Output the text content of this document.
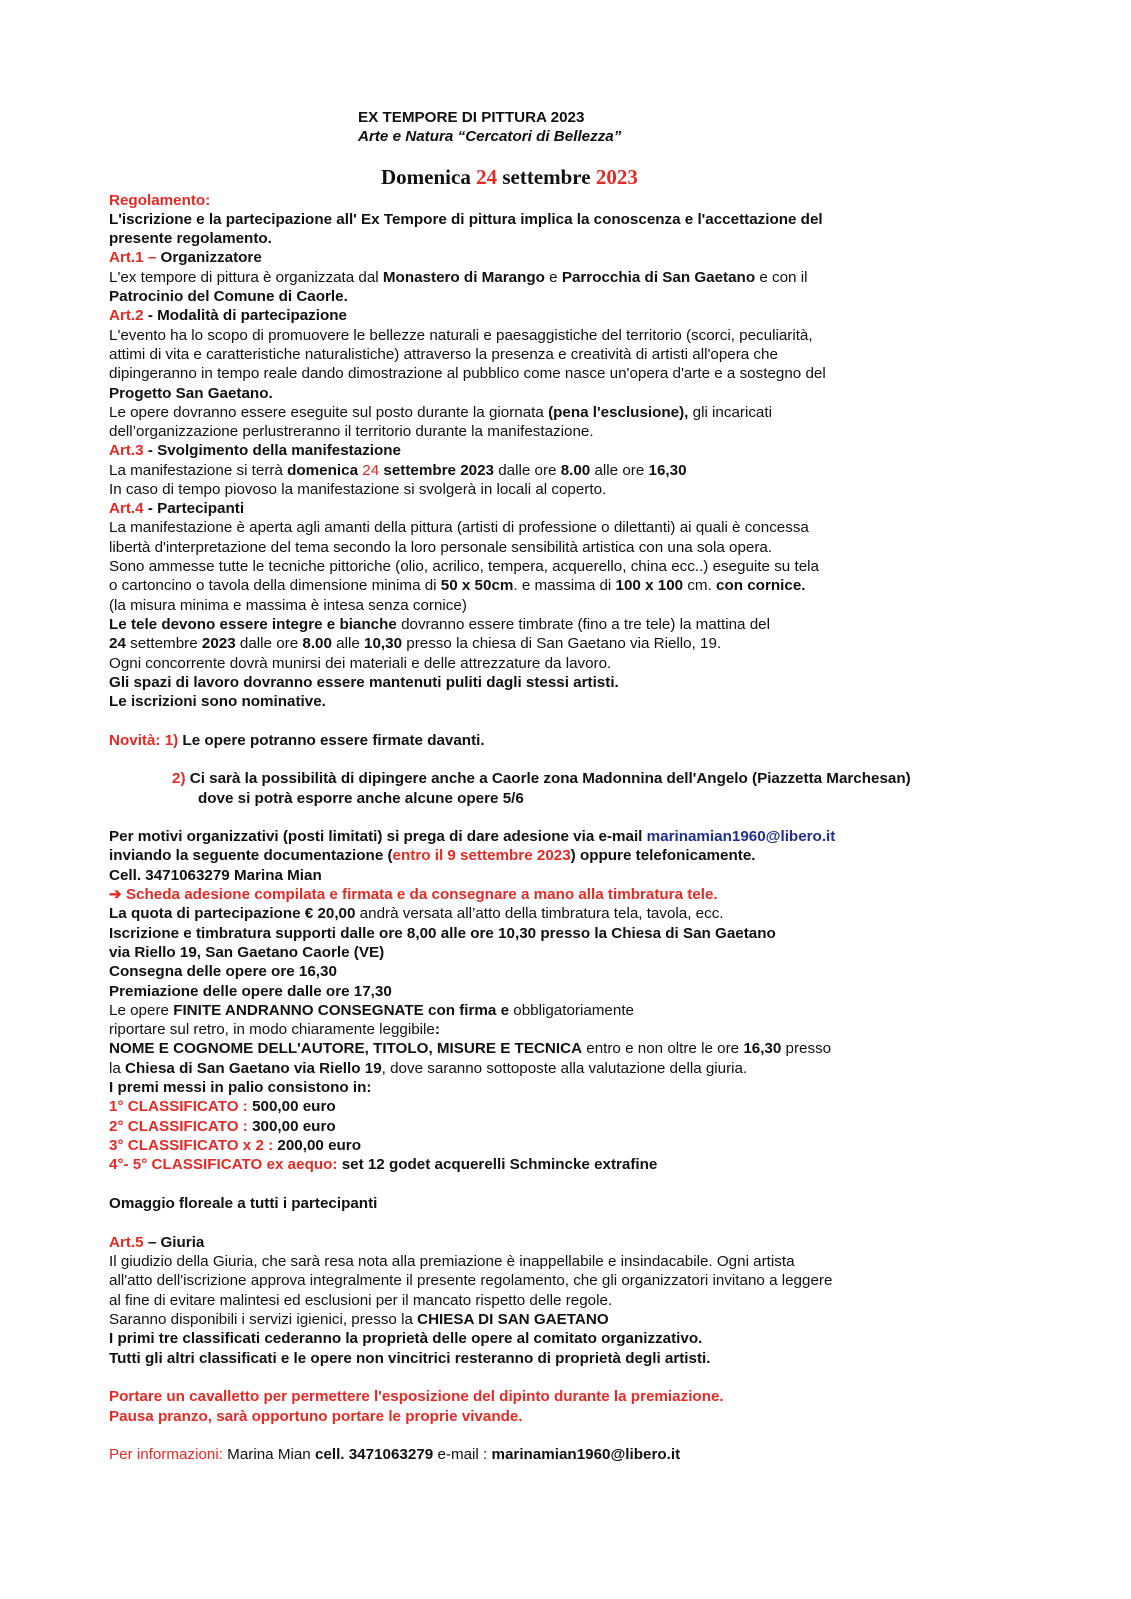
EX TEMPORE DI PITTURA 2023
Arte e Natura “Cercatori di Bellezza”
Domenica 24 settembre 2023
Regolamento:
L'iscrizione e la partecipazione all' Ex Tempore di pittura implica la conoscenza e l'accettazione del
presente regolamento.
Art.1 – Organizzatore
L'ex tempore di pittura è organizzata dal Monastero di Marango e Parrocchia di San Gaetano e con il
Patrocinio del Comune di Caorle.
Art.2 - Modalità di partecipazione
L'evento ha lo scopo di promuovere le bellezze naturali e paesaggistiche del territorio (scorci, peculiarità,
attimi di vita e caratteristiche naturalistiche) attraverso la presenza e creatività di artisti all'opera che
dipingeranno in tempo reale dando dimostrazione al pubblico come nasce un'opera d'arte e a sostegno del
Progetto San Gaetano.
Le opere dovranno essere eseguite sul posto durante la giornata (pena l'esclusione), gli incaricati
dell’organizzazione perlustreranno il territorio durante la manifestazione.
Art.3 - Svolgimento della manifestazione
La manifestazione si terrà domenica 24 settembre 2023 dalle ore 8.00 alle ore 16,30
In caso di tempo piovoso la manifestazione si svolgerà in locali al coperto.
Art.4 - Partecipanti
La manifestazione è aperta agli amanti della pittura (artisti di professione o dilettanti) ai quali è concessa
libertà d'interpretazione del tema secondo la loro personale sensibilità artistica con una sola opera.
Sono ammesse tutte le tecniche pittoriche (olio, acrilico, tempera, acquerello, china ecc..) eseguite su tela
o cartoncino o tavola della dimensione minima di 50 x 50cm. e massima di 100 x 100 cm. con cornice.
(la misura minima e massima è intesa senza cornice)
Le tele devono essere integre e bianche dovranno essere timbrate (fino a tre tele) la mattina del
24 settembre 2023 dalle ore 8.00 alle 10,30 presso la chiesa di San Gaetano via Riello, 19.
Ogni concorrente dovrà munirsi dei materiali e delle attrezzature da lavoro.
Gli spazi di lavoro dovranno essere mantenuti puliti dagli stessi artisti.
Le iscrizioni sono nominative.
Novità: 1) Le opere potranno essere firmate davanti.
2) Ci sarà la possibilità di dipingere anche a Caorle zona Madonnina dell'Angelo (Piazzetta Marchesan)
dove si potrà esporre anche alcune opere 5/6
Per motivi organizzativi (posti limitati) si prega di dare adesione via e-mail marinamian1960@libero.it
inviando la seguente documentazione (entro il 9 settembre 2023) oppure telefonicamente.
Cell. 3471063279 Marina Mian
➔ Scheda adesione compilata e firmata e da consegnare a mano alla timbratura tele.
La quota di partecipazione € 20,00 andrà versata all’atto della timbratura tela, tavola, ecc.
Iscrizione e timbratura supporti dalle ore 8,00 alle ore 10,30 presso la Chiesa di San Gaetano
via Riello 19, San Gaetano Caorle (VE)
Consegna delle opere ore 16,30
Premiazione delle opere dalle ore 17,30
Le opere FINITE ANDRANNO CONSEGNATE con firma e obbligatoriamente
riportare sul retro, in modo chiaramente leggibile:
NOME E COGNOME DELL'AUTORE, TITOLO, MISURE E TECNICA entro e non oltre le ore 16,30 presso
la Chiesa di San Gaetano via Riello 19, dove saranno sottoposte alla valutazione della giuria.
I premi messi in palio consistono in:
1° CLASSIFICATO : 500,00 euro
2° CLASSIFICATO : 300,00 euro
3° CLASSIFICATO x 2 : 200,00 euro
4°- 5° CLASSIFICATO ex aequo: set 12 godet acquerelli Schmincke extrafine
Omaggio floreale a tutti i partecipanti
Art.5 – Giuria
Il giudizio della Giuria, che sarà resa nota alla premiazione è inappellabile e insindacabile. Ogni artista
all'atto dell'iscrizione approva integralmente il presente regolamento, che gli organizzatori invitano a leggere
al fine di evitare malintesi ed esclusioni per il mancato rispetto delle regole.
Saranno disponibili i servizi igienici, presso la CHIESA DI SAN GAETANO
I primi tre classificati cederanno la proprietà delle opere al comitato organizzativo.
Tutti gli altri classificati e le opere non vincitrici resteranno di proprietà degli artisti.
Portare un cavalletto per permettere l'esposizione del dipinto durante la premiazione.
Pausa pranzo, sarà opportuno portare le proprie vivande.
Per informazioni: Marina Mian cell. 3471063279 e-mail : marinamian1960@libero.it
